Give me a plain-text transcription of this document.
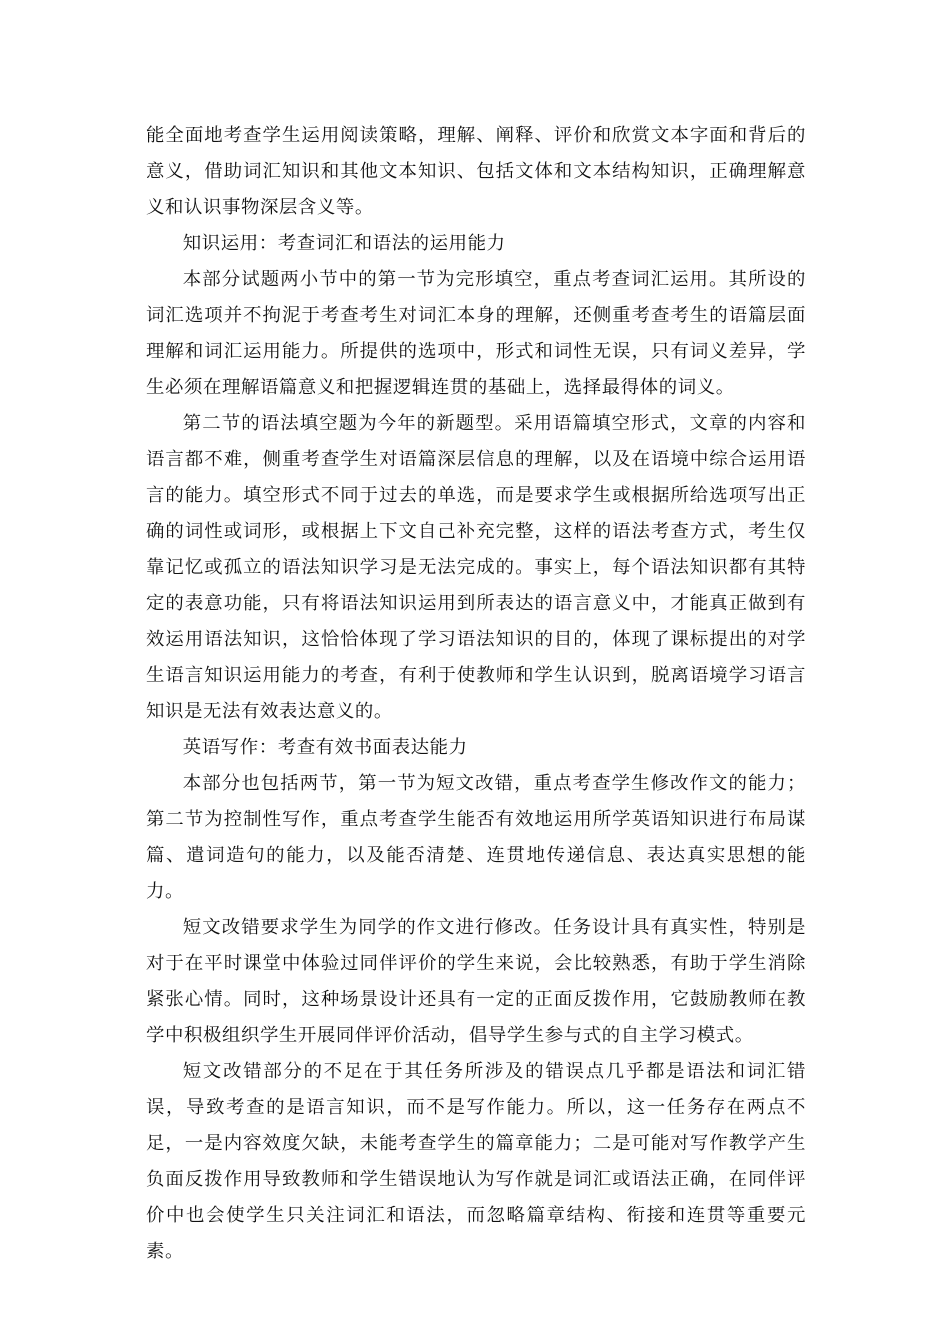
能全面地考查学生运用阅读策略，理解、阐释、评价和欣赏文本字面和背后的意义，借助词汇知识和其他文本知识、包括文体和文本结构知识，正确理解意义和认识事物深层含义等。

知识运用：考查词汇和语法的运用能力

本部分试题两小节中的第一节为完形填空，重点考查词汇运用。其所设的词汇选项并不拘泥于考查考生对词汇本身的理解，还侧重考查考生的语篇层面理解和词汇运用能力。所提供的选项中，形式和词性无误，只有词义差异，学生必须在理解语篇意义和把握逻辑连贯的基础上，选择最得体的词义。

第二节的语法填空题为今年的新题型。采用语篇填空形式，文章的内容和语言都不难，侧重考查学生对语篇深层信息的理解，以及在语境中综合运用语言的能力。填空形式不同于过去的单选，而是要求学生或根据所给选项写出正确的词性或词形，或根据上下文自己补充完整，这样的语法考查方式，考生仅靠记忆或孤立的语法知识学习是无法完成的。事实上，每个语法知识都有其特定的表意功能，只有将语法知识运用到所表达的语言意义中，才能真正做到有效运用语法知识，这恰恰体现了学习语法知识的目的，体现了课标提出的对学生语言知识运用能力的考查，有利于使教师和学生认识到，脱离语境学习语言知识是无法有效表达意义的。

英语写作：考查有效书面表达能力

本部分也包括两节，第一节为短文改错，重点考查学生修改作文的能力；第二节为控制性写作，重点考查学生能否有效地运用所学英语知识进行布局谋篇、遣词造句的能力，以及能否清楚、连贯地传递信息、表达真实思想的能力。

短文改错要求学生为同学的作文进行修改。任务设计具有真实性，特别是对于在平时课堂中体验过同伴评价的学生来说，会比较熟悉，有助于学生消除紧张心情。同时，这种场景设计还具有一定的正面反拨作用，它鼓励教师在教学中积极组织学生开展同伴评价活动，倡导学生参与式的自主学习模式。

短文改错部分的不足在于其任务所涉及的错误点几乎都是语法和词汇错误，导致考查的是语言知识，而不是写作能力。所以，这一任务存在两点不足，一是内容效度欠缺，未能考查学生的篇章能力；二是可能对写作教学产生负面反拨作用导致教师和学生错误地认为写作就是词汇或语法正确，在同伴评价中也会使学生只关注词汇和语法，而忽略篇章结构、衔接和连贯等重要元素。
